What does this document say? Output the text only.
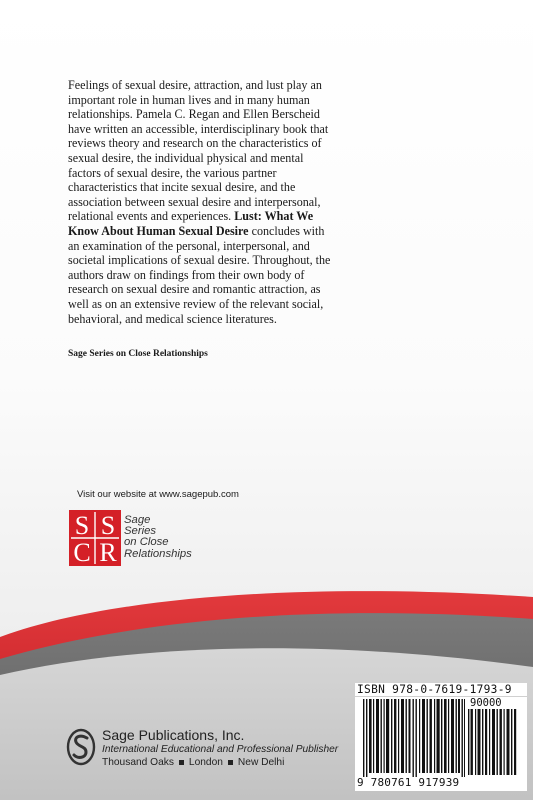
Feelings of sexual desire, attraction, and lust play an important role in human lives and in many human relationships. Pamela C. Regan and Ellen Berscheid have written an accessible, interdisciplinary book that reviews theory and research on the characteristics of sexual desire, the individual physical and mental factors of sexual desire, the various partner characteristics that incite sexual desire, and the association between sexual desire and interpersonal, relational events and experiences. Lust: What We Know About Human Sexual Desire concludes with an examination of the personal, interpersonal, and societal implications of sexual desire. Throughout, the authors draw on findings from their own body of research on sexual desire and romantic attraction, as well as on an extensive review of the relevant social, behavioral, and medical science literatures.

Sage Series on Close Relationships

Visit our website at www.sagepub.com
S S
C R
Sage
Series
on Close
Relationships
ISBN 978-0-7619-1793-9
90000
9 780761 917939
Sage Publications, Inc.
International Educational and Professional Publisher
Thousand Oaks London New Delhi
